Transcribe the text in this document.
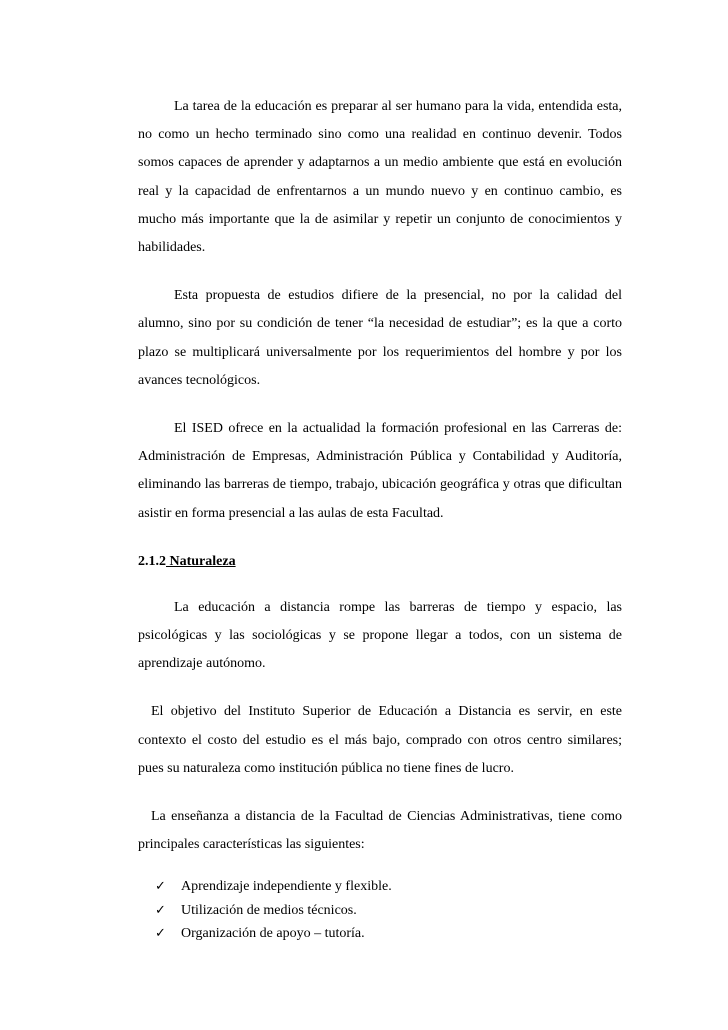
La tarea de la educación es preparar al ser humano para la vida, entendida esta, no como un hecho terminado sino como una realidad en continuo devenir. Todos somos capaces de aprender y adaptarnos a un medio ambiente que está en evolución real y la capacidad de enfrentarnos a un mundo nuevo y en continuo cambio, es mucho más importante que la de asimilar y repetir un conjunto de conocimientos y habilidades.

Esta propuesta de estudios difiere de la presencial, no por la calidad del alumno, sino por su condición de tener “la necesidad de estudiar”; es la que a corto plazo se multiplicará universalmente por los requerimientos del hombre y por los avances tecnológicos.

El ISED ofrece en la actualidad la formación profesional en las Carreras de: Administración de Empresas, Administración Pública y Contabilidad y Auditoría, eliminando las barreras de tiempo, trabajo, ubicación geográfica y otras que dificultan asistir en forma presencial a las aulas de esta Facultad.

2.1.2 Naturaleza

La educación a distancia rompe las barreras de tiempo y espacio, las psicológicas y las sociológicas y se propone llegar a todos, con un sistema de aprendizaje autónomo.

El objetivo del Instituto Superior de Educación a Distancia es servir, en este contexto el costo del estudio es el más bajo, comprado con otros centro similares; pues su naturaleza como institución pública no tiene fines de lucro.

La enseñanza a distancia de la Facultad de Ciencias Administrativas, tiene como principales características las siguientes:

✓	Aprendizaje independiente y flexible.
✓	Utilización de medios técnicos.
✓	Organización de apoyo – tutoría.
